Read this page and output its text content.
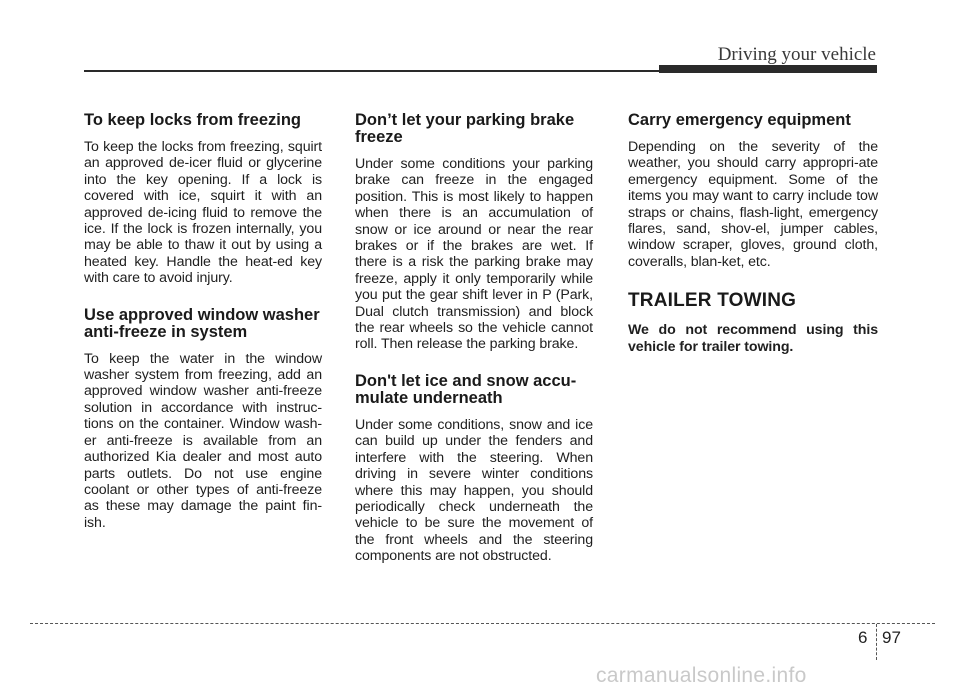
Driving your vehicle
To keep locks from freezing

To keep the locks from freezing, squirt an approved de-icer fluid or glycerine into the key opening. If a lock is covered with ice, squirt it with an approved de-icing fluid to remove the ice. If the lock is frozen internally, you may be able to thaw it out by using a heated key. Handle the heat-ed key with care to avoid injury.

Use approved window washer anti-freeze in system

To keep the water in the window washer system from freezing, add an approved window washer anti-freeze solution in accordance with instruc-tions on the container. Window wash-er anti-freeze is available from an authorized Kia dealer and most auto parts outlets. Do not use engine coolant or other types of anti-freeze as these may damage the paint fin-ish.

Don’t let your parking brake freeze

Under some conditions your parking brake can freeze in the engaged position. This is most likely to happen when there is an accumulation of snow or ice around or near the rear brakes or if the brakes are wet. If there is a risk the parking brake may freeze, apply it only temporarily while you put the gear shift lever in P (Park, Dual clutch transmission) and block the rear wheels so the vehicle cannot roll. Then release the parking brake.

Don't let ice and snow accu-mulate underneath

Under some conditions, snow and ice can build up under the fenders and interfere with the steering. When driving in severe winter conditions where this may happen, you should periodically check underneath the vehicle to be sure the movement of the front wheels and the steering components are not obstructed.

Carry emergency equipment

Depending on the severity of the weather, you should carry appropri-ate emergency equipment. Some of the items you may want to carry include tow straps or chains, flash-light, emergency flares, sand, shov-el, jumper cables, window scraper, gloves, ground cloth, coveralls, blan-ket, etc.

TRAILER TOWING

We do not recommend using this vehicle for trailer towing.

6 97
carmanualsonline.info
